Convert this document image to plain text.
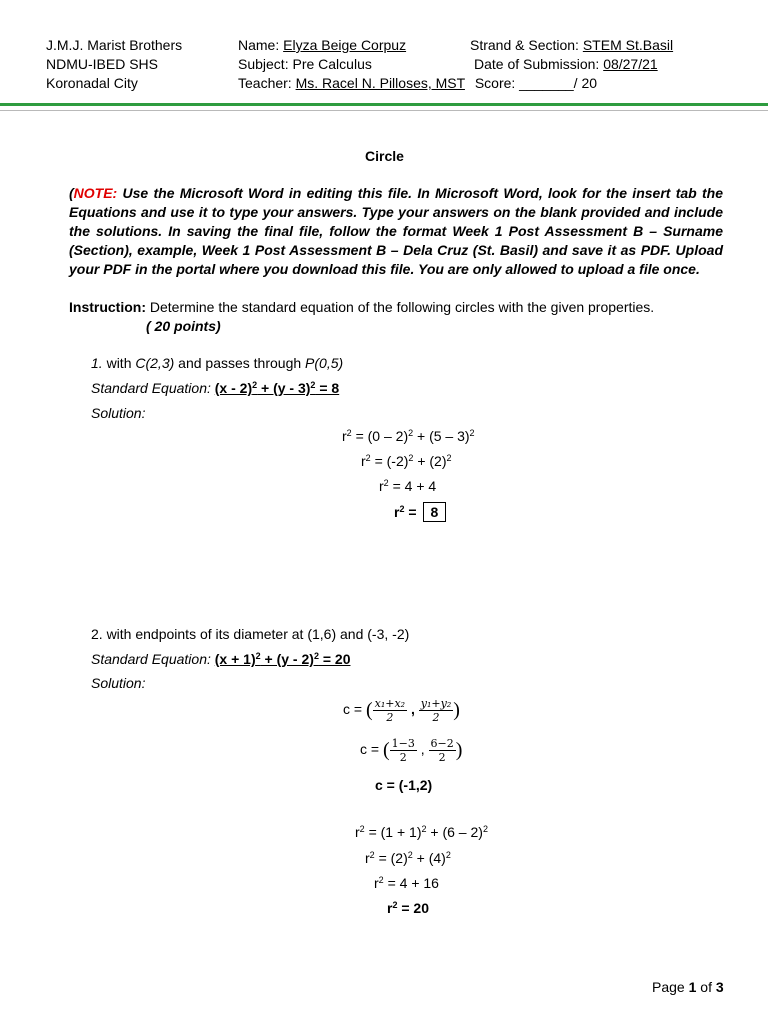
J.M.J. Marist Brothers
NDMU-IBED SHS
Koronadal City
Name: Elyza Beige Corpuz
Subject: Pre Calculus
Teacher: Ms. Racel N. Pilloses, MST Score: _______/ 20
Strand & Section: STEM St.Basil
Date of Submission: 08/27/21
Circle
(NOTE: Use the Microsoft Word in editing this file. In Microsoft Word, look for the insert tab the Equations and use it to type your answers. Type your answers on the blank provided and include the solutions. In saving the final file, follow the format Week 1 Post Assessment B – Surname (Section), example, Week 1 Post Assessment B – Dela Cruz (St. Basil) and save it as PDF. Upload your PDF in the portal where you download this file. You are only allowed to upload a file once.
Instruction: Determine the standard equation of the following circles with the given properties.
( 20 points)
1. with C(2,3) and passes through P(0,5)
Standard Equation: (x - 2)$^2$ + (y - 3)$^2$ = 8
Solution:
$r^2 = (0 - 2)^2 + (5 - 3)^2$
$r^2 = (-2)^2 + (2)^2$
$r^2 = 4 + 4$
$r^2 = 8$
2. with endpoints of its diameter at (1,6) and (-3, -2)
Standard Equation: $(x + 1)^2 + (y - 2)^2 = 20$
Solution:
c = ( $\frac{\text{x₁+x₂}}{2}$ , $\frac{\text{y₁+y₂}}{2}$ )
c = ( $\frac{1-3}{2}$ , $\frac{6-2}{2}$ )
c = (-1,2)
$r^2 = (1 + 1)^2 + (6 - 2)^2$
$r^2 = (2)^2 + (4)^2$
$r^2 = 4 + 16$
$r^2 = 20$
Page 1 of 3
